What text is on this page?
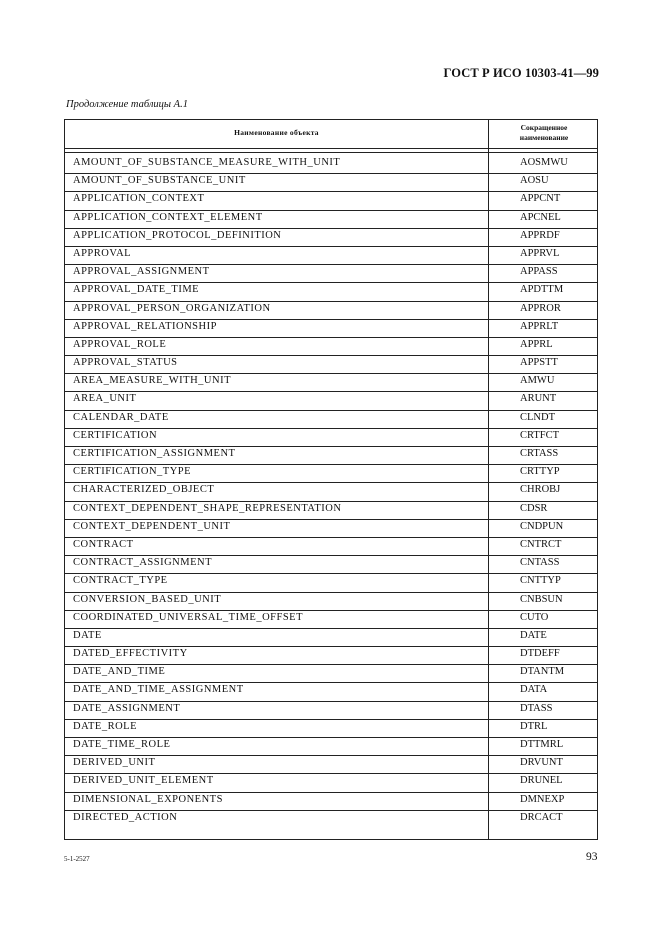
ГОСТ Р ИСО 10303-41—99
Продолжение таблицы А.1
Наименование объекта
Сокращенное
наименование
AMOUNT_OF_SUBSTANCE_MEASURE_WITH_UNIT	AOSMWU
AMOUNT_OF_SUBSTANCE_UNIT	AOSU
APPLICATION_CONTEXT	APPCNT
APPLICATION_CONTEXT_ELEMENT	APCNEL
APPLICATION_PROTOCOL_DEFINITION	APPRDF
APPROVAL	APPRVL
APPROVAL_ASSIGNMENT	APPASS
APPROVAL_DATE_TIME	APDTTM
APPROVAL_PERSON_ORGANIZATION	APPROR
APPROVAL_RELATIONSHIP	APPRLT
APPROVAL_ROLE	APPRL
APPROVAL_STATUS	APPSTT
AREA_MEASURE_WITH_UNIT	AMWU
AREA_UNIT	ARUNT
CALENDAR_DATE	CLNDT
CERTIFICATION	CRTFCT
CERTIFICATION_ASSIGNMENT	CRTASS
CERTIFICATION_TYPE	CRTTYP
CHARACTERIZED_OBJECT	CHROBJ
CONTEXT_DEPENDENT_SHAPE_REPRESENTATION	CDSR
CONTEXT_DEPENDENT_UNIT	CNDPUN
CONTRACT	CNTRCT
CONTRACT_ASSIGNMENT	CNTASS
CONTRACT_TYPE	CNTTYP
CONVERSION_BASED_UNIT	CNBSUN
COORDINATED_UNIVERSAL_TIME_OFFSET	CUTO
DATE	DATE
DATED_EFFECTIVITY	DTDEFF
DATE_AND_TIME	DTANTM
DATE_AND_TIME_ASSIGNMENT	DATA
DATE_ASSIGNMENT	DTASS
DATE_ROLE	DTRL
DATE_TIME_ROLE	DTTMRL
DERIVED_UNIT	DRVUNT
DERIVED_UNIT_ELEMENT	DRUNEL
DIMENSIONAL_EXPONENTS	DMNEXP
DIRECTED_ACTION	DRCACT
5-1-2527	93
